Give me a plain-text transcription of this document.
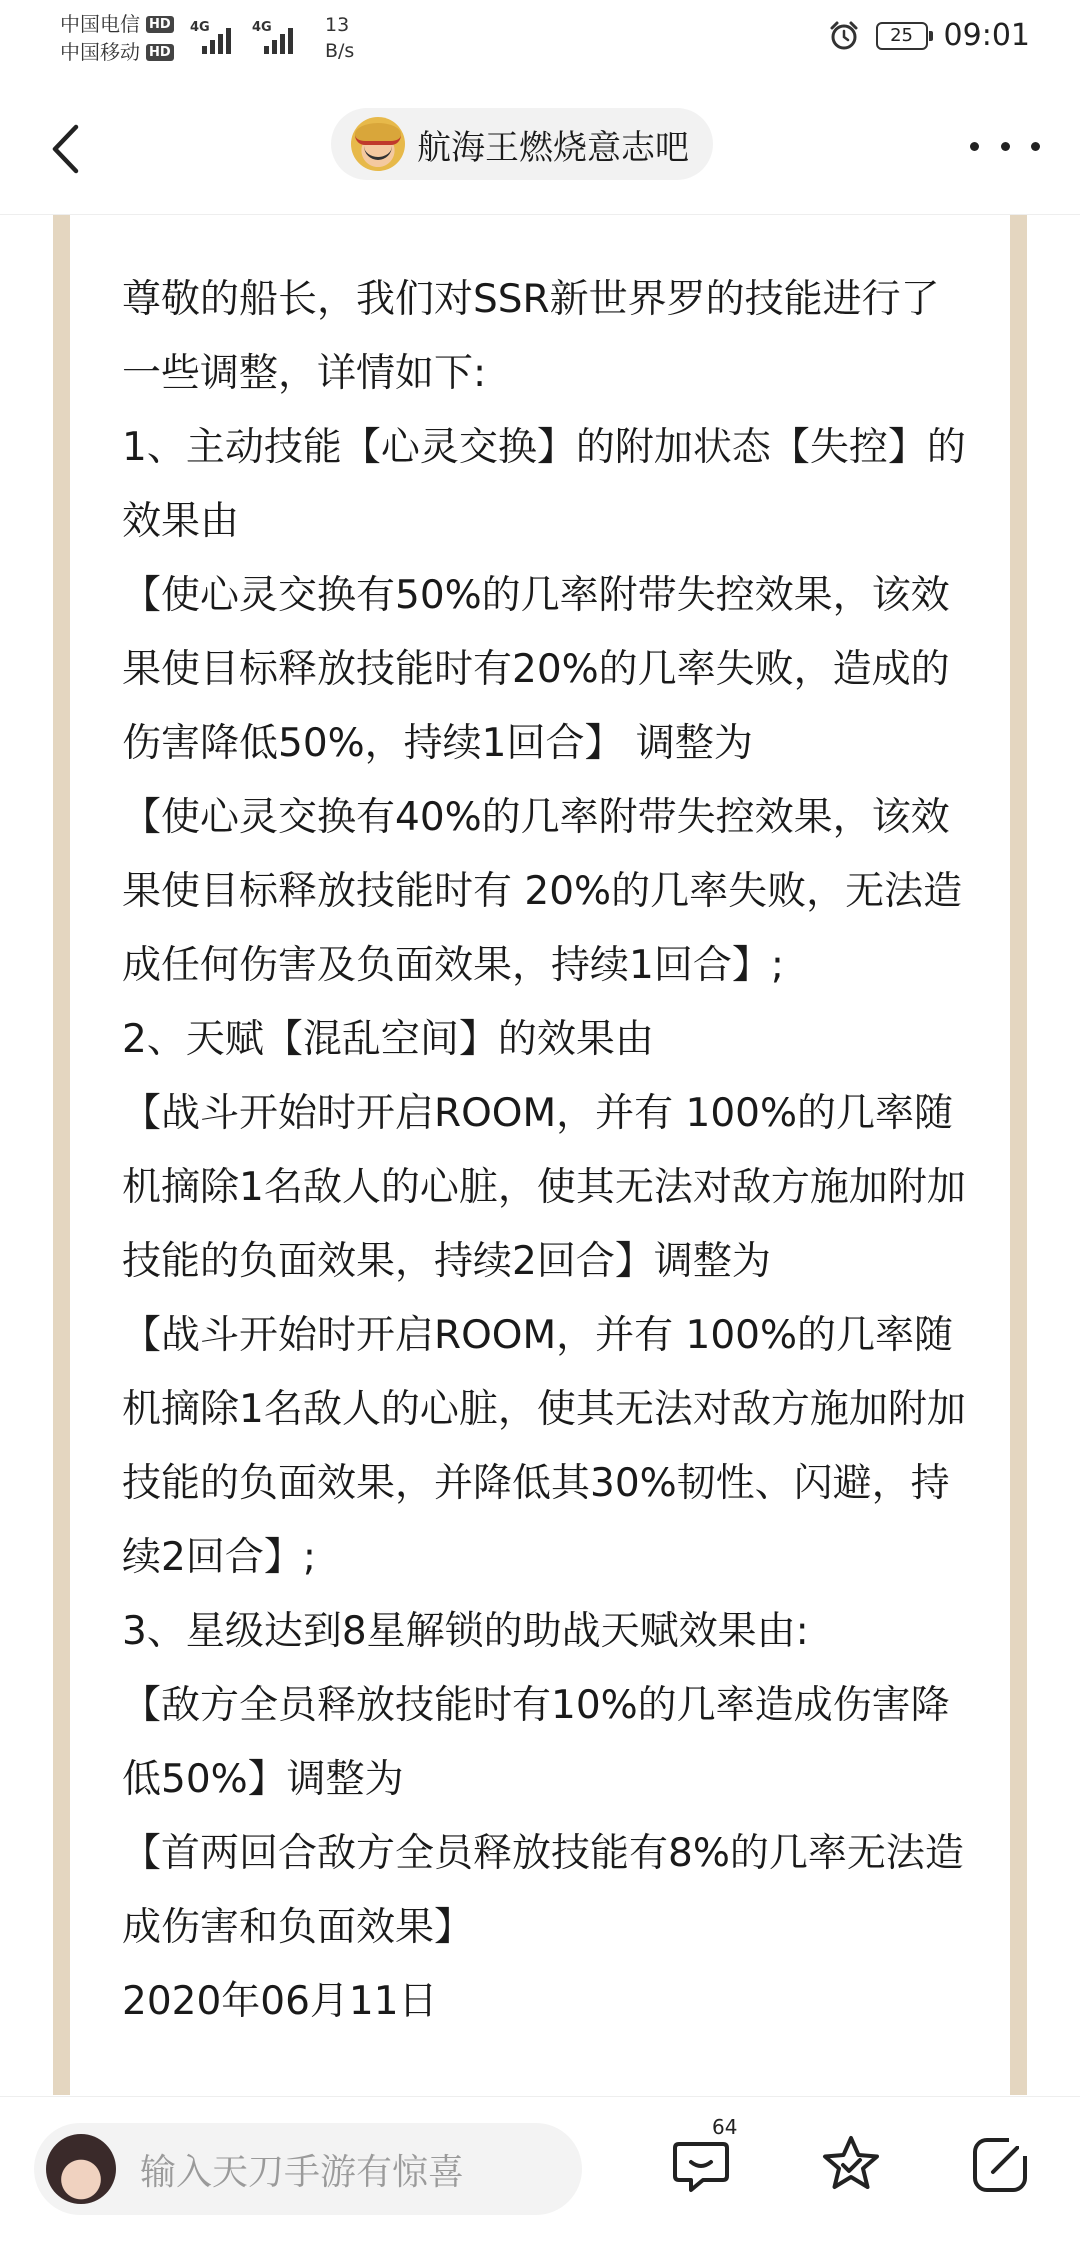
中国电信 HD
中国移动 HD
4G	4G	13
B/s
25	09:01
航海王燃烧意志吧

尊敬的船长，我们对SSR新世界罗的技能进行了一些调整，详情如下:

1、主动技能【心灵交换】的附加状态【失控】的效果由

【使心灵交换有50%的几率附带失控效果，该效果使目标释放技能时有20%的几率失败，造成的伤害降低50%，持续1回合】 调整为

【使心灵交换有40%的几率附带失控效果，该效果使目标释放技能时有 20%的几率失败，无法造成任何伤害及负面效果，持续1回合】;

2、天赋【混乱空间】的效果由

【战斗开始时开启ROOM，并有 100%的几率随机摘除1名敌人的心脏，使其无法对敌方施加附加技能的负面效果，持续2回合】调整为

【战斗开始时开启ROOM，并有 100%的几率随机摘除1名敌人的心脏，使其无法对敌方施加附加技能的负面效果，并降低其30%韧性、闪避，持续2回合】;

3、星级达到8星解锁的助战天赋效果由:

【敌方全员释放技能时有10%的几率造成伤害降低50%】调整为

【首两回合敌方全员释放技能有8%的几率无法造成伤害和负面效果】

2020年06月11日

输入天刀手游有惊喜
64
